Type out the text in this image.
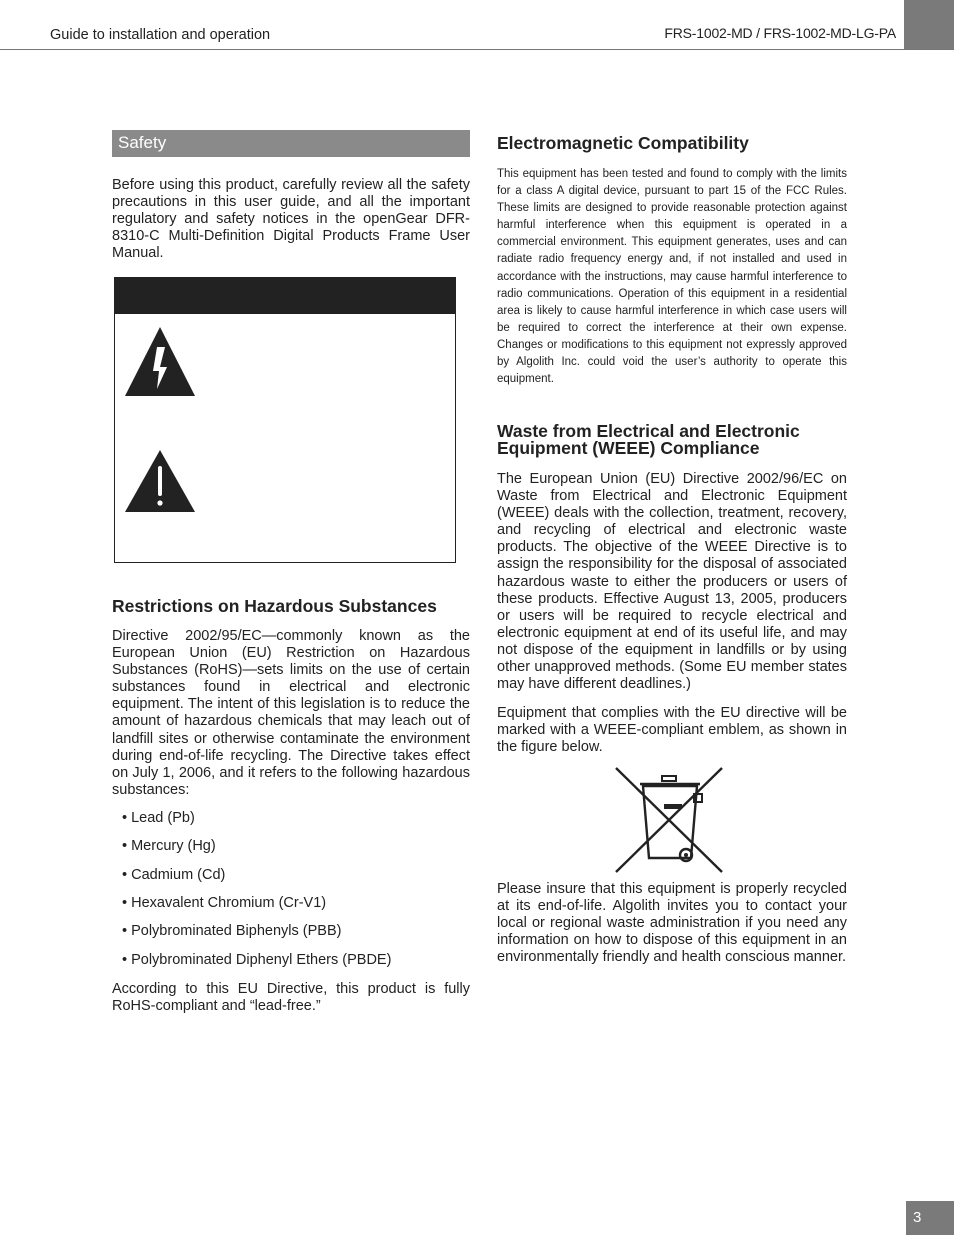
Guide to installation and operation	FRS-1002-MD / FRS-1002-MD-LG-PA
Safety
Before using this product, carefully review all the safety precautions in this user guide, and all the important regulatory and safety notices in the openGear DFR-8310-C Multi-Definition Digital Products Frame User Manual.
Restrictions on Hazardous Substances
Directive 2002/95/EC—commonly known as the European Union (EU) Restriction on Hazardous Substances (RoHS)—sets limits on the use of certain substances found in electrical and electronic equipment. The intent of this legislation is to reduce the amount of hazardous chemicals that may leach out of landfill sites or otherwise contaminate the environment during end-of-life recycling. The Directive takes effect on July 1, 2006, and it refers to the following hazardous substances:
• Lead (Pb)
• Mercury (Hg)
• Cadmium (Cd)
• Hexavalent Chromium (Cr-V1)
• Polybrominated Biphenyls (PBB)
• Polybrominated Diphenyl Ethers (PBDE)
According to this EU Directive, this product is fully RoHS-compliant and “lead-free.”
Electromagnetic Compatibility
This equipment has been tested and found to comply with the limits for a class A digital device, pursuant to part 15 of the FCC Rules. These limits are designed to provide reasonable protection against harmful interference when this equipment is operated in a commercial environment. This equipment generates, uses and can radiate radio frequency energy and, if not installed and used in accordance with the instructions, may cause harmful interference to radio communications. Operation of this equipment in a residential area is likely to cause harmful interference in which case users will be required to correct the interference at their own expense. Changes or modifications to this equipment not expressly approved by Algolith Inc. could void the user’s authority to operate this equipment.
Waste from Electrical and Electronic
Equipment (WEEE) Compliance
The European Union (EU) Directive 2002/96/EC on Waste from Electrical and Electronic Equipment (WEEE) deals with the collection, treatment, recovery, and recycling of electrical and electronic waste products. The objective of the WEEE Directive is to assign the responsibility for the disposal of associated hazardous waste to either the producers or users of these products. Effective August 13, 2005, producers or users will be required to recycle electrical and electronic equipment at end of its useful life, and may not dispose of the equipment in landfills or by using other unapproved methods. (Some EU member states may have different deadlines.)
Equipment that complies with the EU directive will be marked with a WEEE-compliant emblem, as shown in the figure below.
Please insure that this equipment is properly recycled at its end-of-life. Algolith invites you to contact your local or regional waste administration if you need any information on how to dispose of this equipment in an environmentally friendly and health conscious manner.
3
